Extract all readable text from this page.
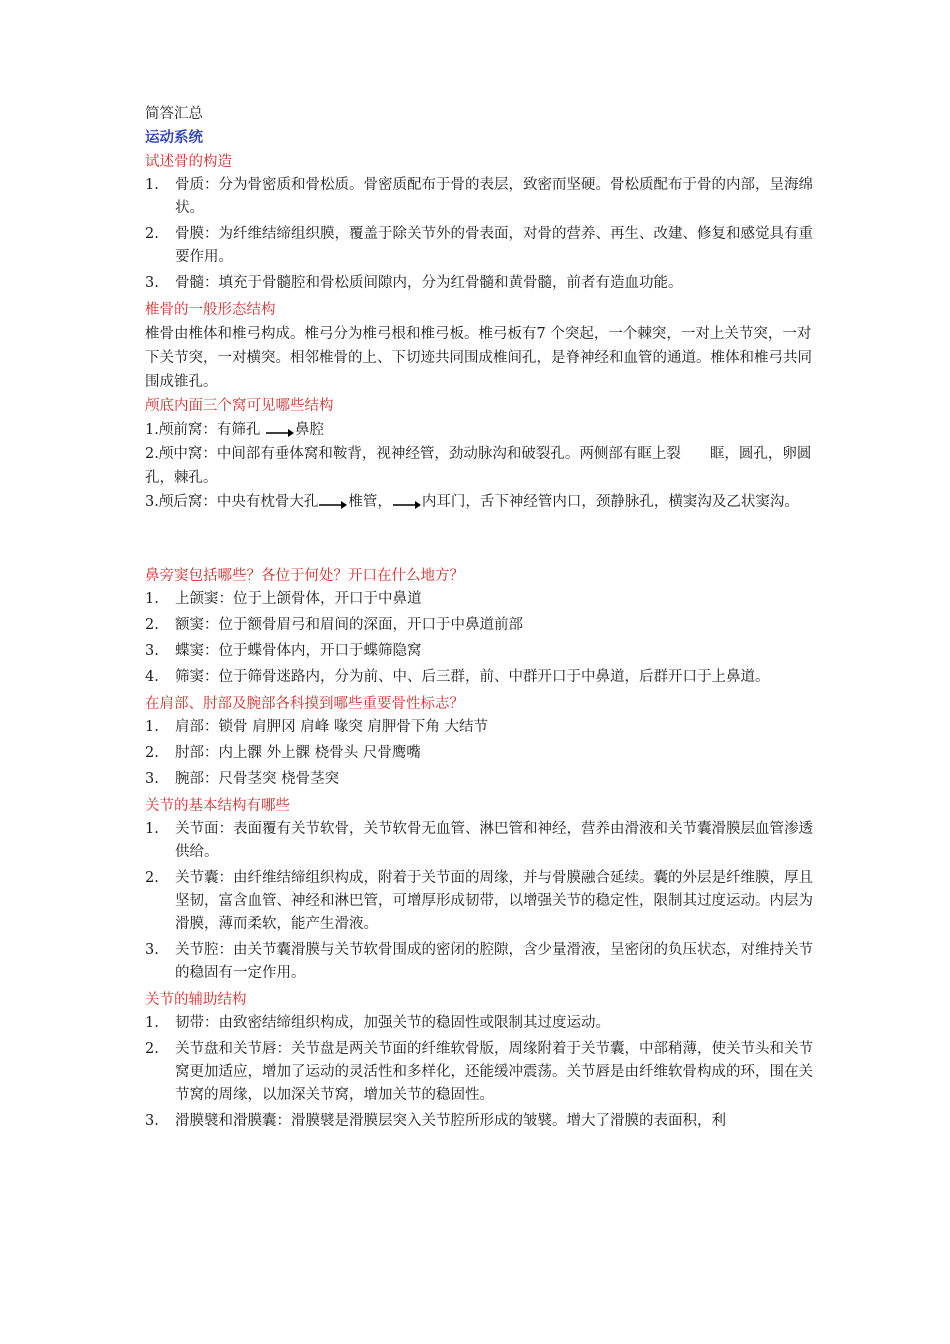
简答汇总
运动系统
试述骨的构造
1. 骨质：分为骨密质和骨松质。骨密质配布于骨的表层，致密而坚硬。骨松质配布于骨的内部，呈海绵状。
2. 骨膜：为纤维结缔组织膜，覆盖于除关节外的骨表面，对骨的营养、再生、改建、修复和感觉具有重要作用。
3. 骨髓：填充于骨髓腔和骨松质间隙内，分为红骨髓和黄骨髓，前者有造血功能。
椎骨的一般形态结构

椎骨由椎体和椎弓构成。椎弓分为椎弓根和椎弓板。椎弓板有7 个突起，一个棘突，一对上关节突，一对下关节突，一对横突。相邻椎骨的上、下切迹共同围成椎间孔，是脊神经和血管的通道。椎体和椎弓共同围成锥孔。

颅底内面三个窝可见哪些结构

1.颅前窝：有筛孔 鼻腔

2.颅中窝：中间部有垂体窝和鞍背，视神经管，劲动脉沟和破裂孔。两侧部有眶上裂　　眶，圆孔，卵圆孔，棘孔。

3.颅后窝：中央有枕骨大孔 椎管， 内耳门，舌下神经管内口，颈静脉孔，横窦沟及乙状窦沟。

鼻旁窦包括哪些？各位于何处？开口在什么地方？
1. 上颌窦：位于上颌骨体，开口于中鼻道
2. 额窦：位于额骨眉弓和眉间的深面，开口于中鼻道前部
3. 蝶窦：位于蝶骨体内，开口于蝶筛隐窝
4. 筛窦：位于筛骨迷路内，分为前、中、后三群，前、中群开口于中鼻道，后群开口于上鼻道。
在肩部、肘部及腕部各科摸到哪些重要骨性标志？
1. 肩部：锁骨 肩胛冈 肩峰 喙突 肩胛骨下角 大结节
2. 肘部：内上髁 外上髁 桡骨头 尺骨鹰嘴
3. 腕部：尺骨茎突 桡骨茎突
关节的基本结构有哪些
1. 关节面：表面覆有关节软骨，关节软骨无血管、淋巴管和神经，营养由滑液和关节囊滑膜层血管渗透供给。
2. 关节囊：由纤维结缔组织构成，附着于关节面的周缘，并与骨膜融合延续。囊的外层是纤维膜，厚且坚韧，富含血管、神经和淋巴管，可增厚形成韧带，以增强关节的稳定性，限制其过度运动。内层为滑膜，薄而柔软，能产生滑液。
3. 关节腔：由关节囊滑膜与关节软骨围成的密闭的腔隙，含少量滑液，呈密闭的负压状态，对维持关节的稳固有一定作用。
关节的辅助结构
1. 韧带：由致密结缔组织构成，加强关节的稳固性或限制其过度运动。
2. 关节盘和关节唇：关节盘是两关节面的纤维软骨版，周缘附着于关节囊，中部稍薄，使关节头和关节窝更加适应，增加了运动的灵活性和多样化，还能缓冲震荡。关节唇是由纤维软骨构成的环，围在关节窝的周缘，以加深关节窝，增加关节的稳固性。
3. 滑膜襞和滑膜囊：滑膜襞是滑膜层突入关节腔所形成的皱襞。增大了滑膜的表面积，利
